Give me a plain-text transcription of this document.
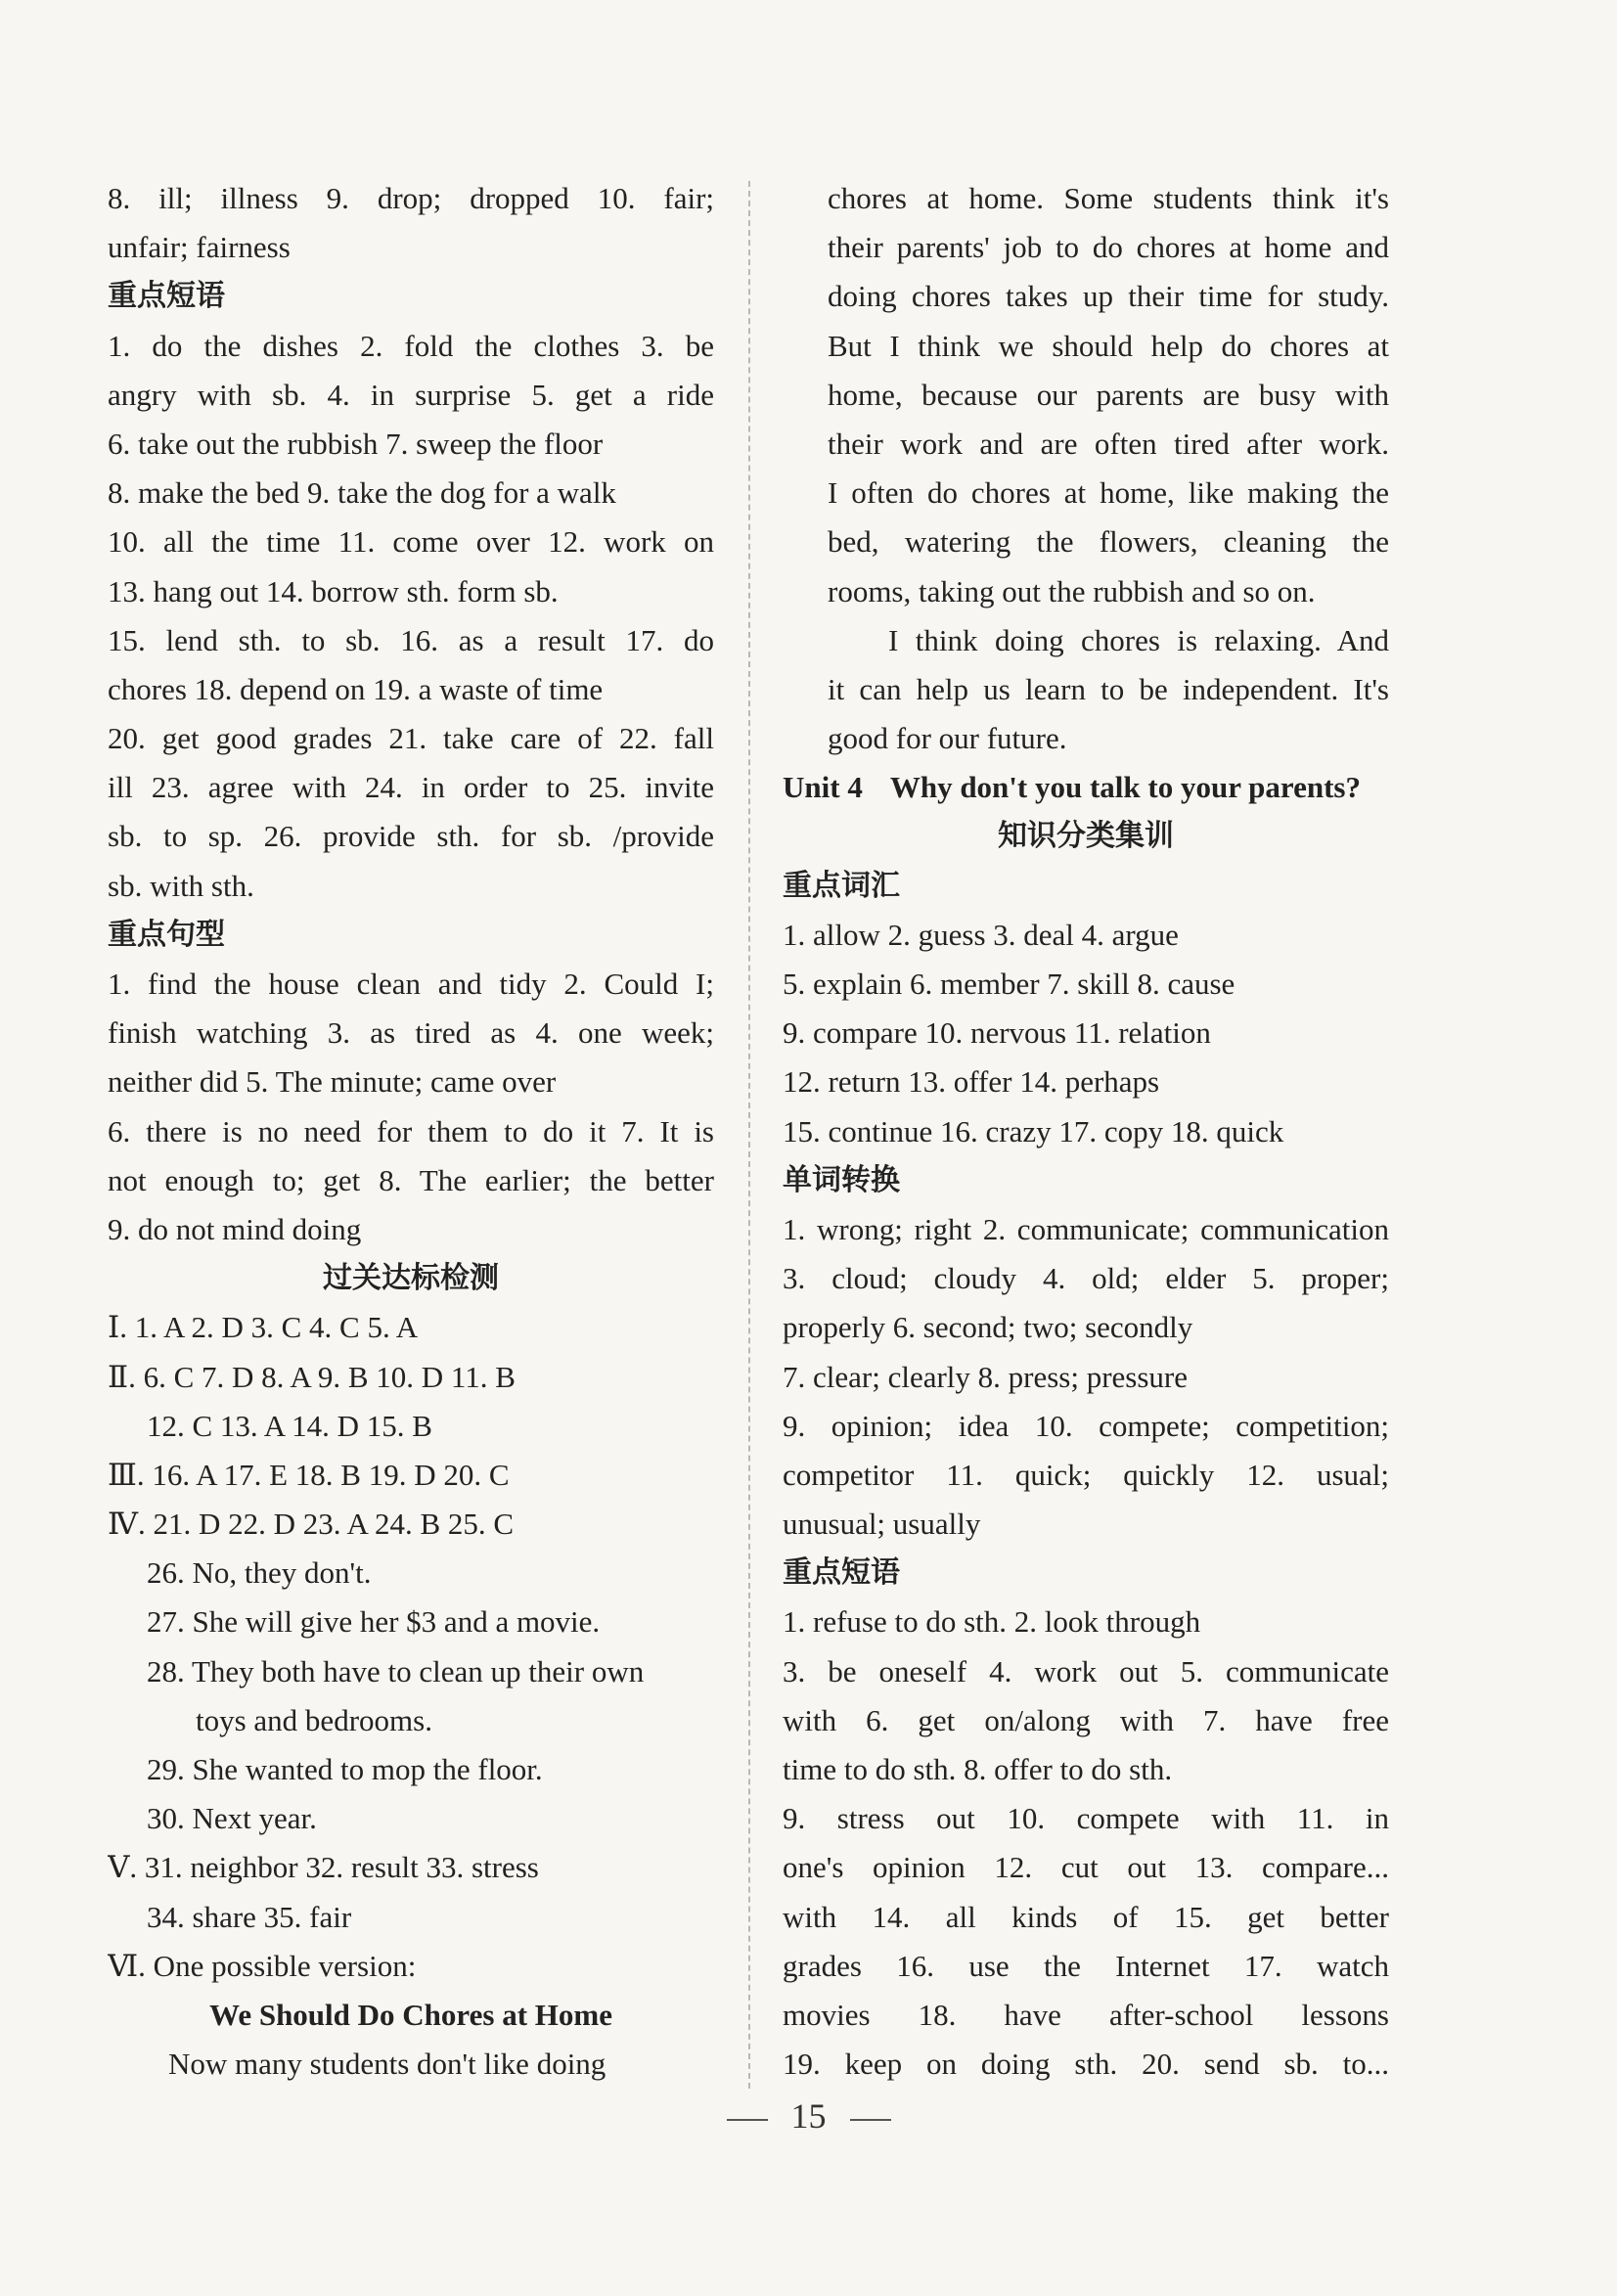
8. ill; illness 9. drop; dropped 10. fair;
unfair; fairness
重点短语
1. do the dishes 2. fold the clothes 3. be
angry with sb. 4. in surprise 5. get a ride
6. take out the rubbish 7. sweep the floor
8. make the bed 9. take the dog for a walk
10. all the time 11. come over 12. work on
13. hang out 14. borrow sth. form sb.
15. lend sth. to sb. 16. as a result 17. do
chores 18. depend on 19. a waste of time
20. get good grades 21. take care of 22. fall
ill 23. agree with 24. in order to 25. invite
sb. to sp. 26. provide sth. for sb. /provide
sb. with sth.
重点句型
1. find the house clean and tidy 2. Could I;
finish watching 3. as tired as 4. one week;
neither did 5. The minute; came over
6. there is no need for them to do it 7. It is
not enough to; get 8. The earlier; the better
9. do not mind doing
过关达标检测
Ⅰ. 1. A 2. D 3. C 4. C 5. A
Ⅱ. 6. C 7. D 8. A 9. B 10. D 11. B
12. C 13. A 14. D 15. B
Ⅲ. 16. A 17. E 18. B 19. D 20. C
Ⅳ. 21. D 22. D 23. A 24. B 25. C
26. No, they don't.
27. She will give her $3 and a movie.
28. They both have to clean up their own
toys and bedrooms.
29. She wanted to mop the floor.
30. Next year.
Ⅴ. 31. neighbor 32. result 33. stress
34. share 35. fair
Ⅵ. One possible version:
We Should Do Chores at Home
Now many students don't like doing
chores at home. Some students think it's
their parents' job to do chores at home and
doing chores takes up their time for study.
But I think we should help do chores at
home, because our parents are busy with
their work and are often tired after work.
I often do chores at home, like making the
bed, watering the flowers, cleaning the
rooms, taking out the rubbish and so on.
I think doing chores is relaxing. And
it can help us learn to be independent. It's
good for our future.
Unit 4 Why don't you talk to your parents?
知识分类集训
重点词汇
1. allow 2. guess 3. deal 4. argue
5. explain 6. member 7. skill 8. cause
9. compare 10. nervous 11. relation
12. return 13. offer 14. perhaps
15. continue 16. crazy 17. copy 18. quick
单词转换
1. wrong; right 2. communicate; communication
3. cloud; cloudy 4. old; elder 5. proper;
properly 6. second; two; secondly
7. clear; clearly 8. press; pressure
9. opinion; idea 10. compete; competition;
competitor 11. quick; quickly 12. usual;
unusual; usually
重点短语
1. refuse to do sth. 2. look through
3. be oneself 4. work out 5. communicate
with 6. get on/along with 7. have free
time to do sth. 8. offer to do sth.
9. stress out 10. compete with 11. in
one's opinion 12. cut out 13. compare...
with 14. all kinds of 15. get better
grades 16. use the Internet 17. watch
movies 18. have after-school lessons
19. keep on doing sth. 20. send sb. to...
15
